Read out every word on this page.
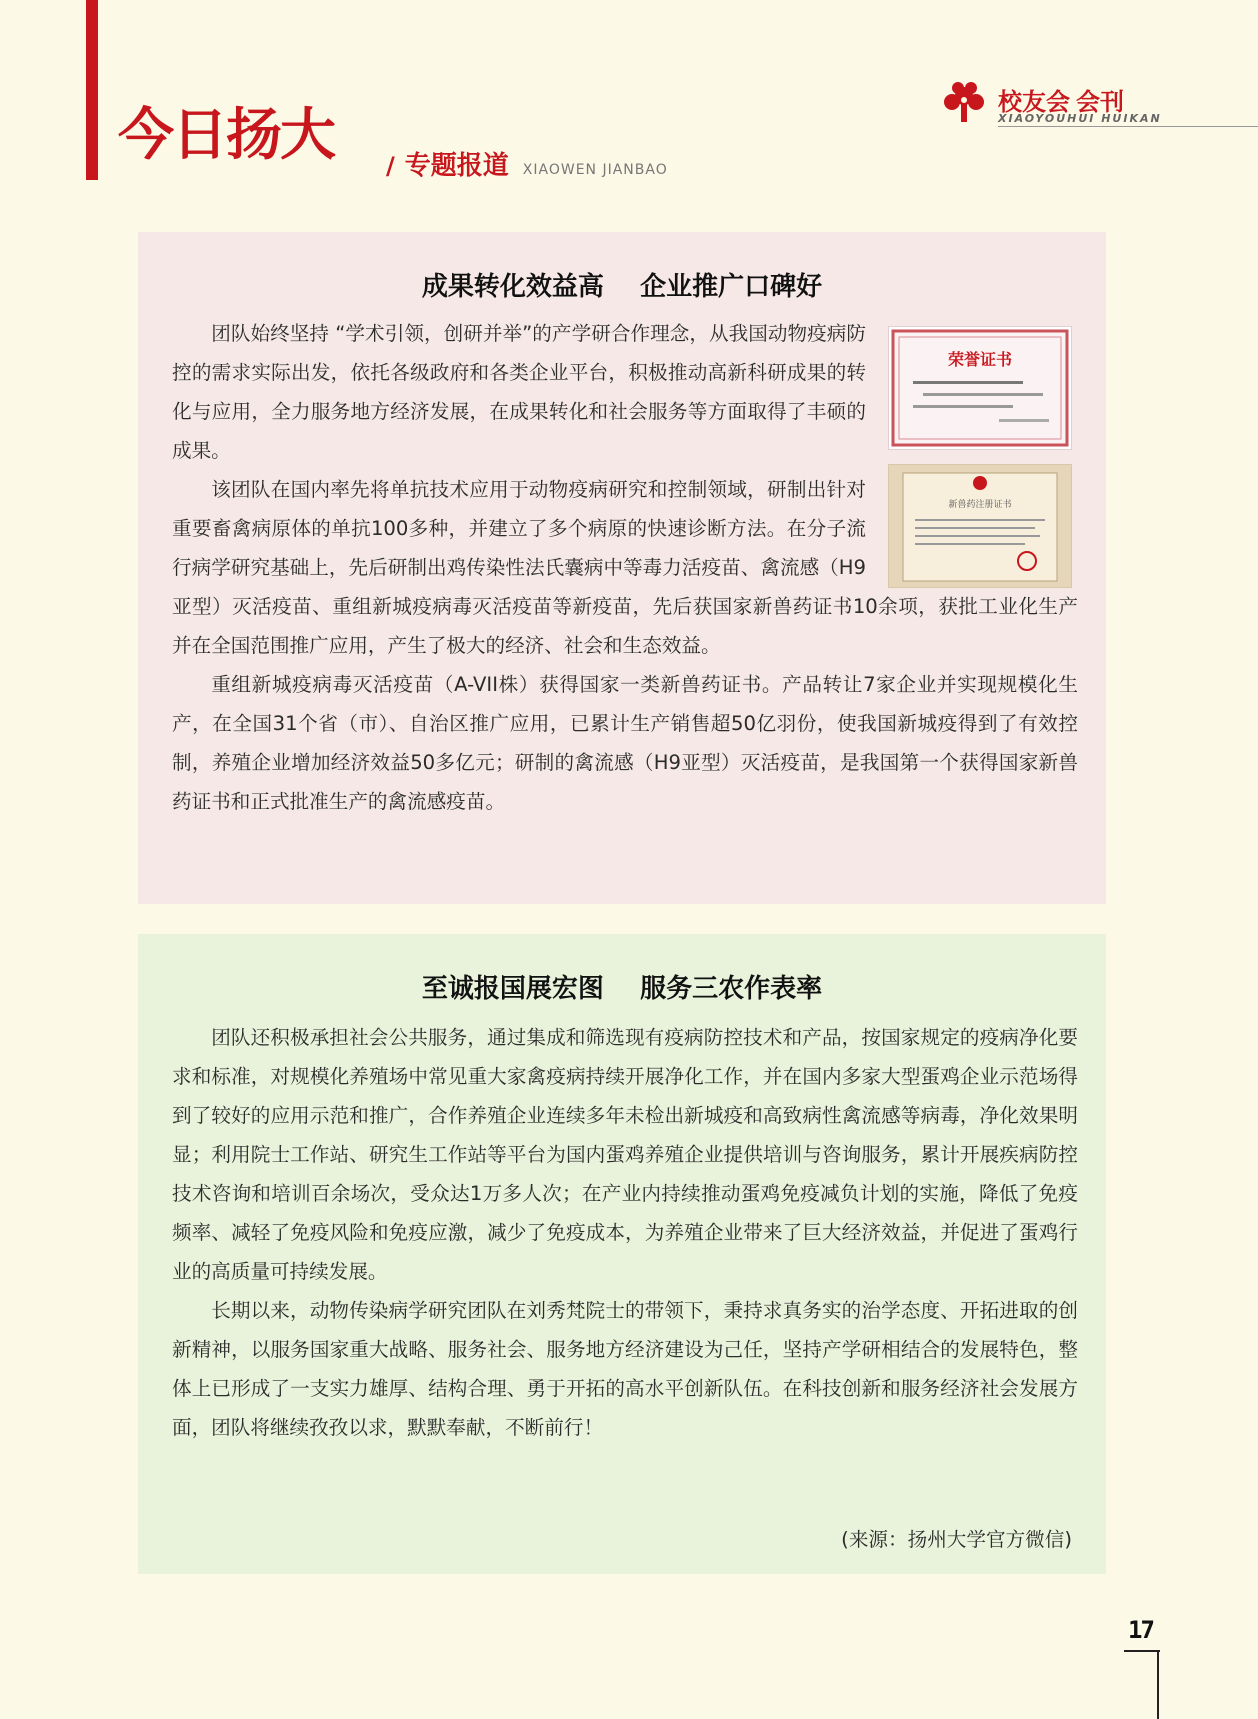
今日扬大 / 专题报道 XIAOWEN JIANBAO
校友会 会刊
XIAOYOUHUI HUIKAN
成果转化效益高    企业推广口碑好
荣誉证书
新兽药注册证书

团队始终坚持 “学术引领，创研并举”的产学研合作理念，从我国动物疫病防控的需求实际出发，依托各级政府和各类企业平台，积极推动高新科研成果的转化与应用，全力服务地方经济发展，在成果转化和社会服务等方面取得了丰硕的成果。

该团队在国内率先将单抗技术应用于动物疫病研究和控制领域，研制出针对重要畜禽病原体的单抗100多种，并建立了多个病原的快速诊断方法。在分子流行病学研究基础上，先后研制出鸡传染性法氏囊病中等毒力活疫苗、禽流感（H9亚型）灭活疫苗、重组新城疫病毒灭活疫苗等新疫苗，先后获国家新兽药证书10余项，获批工业化生产并在全国范围推广应用，产生了极大的经济、社会和生态效益。

重组新城疫病毒灭活疫苗（A-VII株）获得国家一类新兽药证书。产品转让7家企业并实现规模化生产，在全国31个省（市）、自治区推广应用，已累计生产销售超50亿羽份，使我国新城疫得到了有效控制，养殖企业增加经济效益50多亿元；研制的禽流感（H9亚型）灭活疫苗，是我国第一个获得国家新兽药证书和正式批准生产的禽流感疫苗。

至诚报国展宏图    服务三农作表率

团队还积极承担社会公共服务，通过集成和筛选现有疫病防控技术和产品，按国家规定的疫病净化要求和标准，对规模化养殖场中常见重大家禽疫病持续开展净化工作，并在国内多家大型蛋鸡企业示范场得到了较好的应用示范和推广，合作养殖企业连续多年未检出新城疫和高致病性禽流感等病毒，净化效果明显；利用院士工作站、研究生工作站等平台为国内蛋鸡养殖企业提供培训与咨询服务，累计开展疾病防控技术咨询和培训百余场次，受众达1万多人次；在产业内持续推动蛋鸡免疫减负计划的实施，降低了免疫频率、减轻了免疫风险和免疫应激，减少了免疫成本，为养殖企业带来了巨大经济效益，并促进了蛋鸡行业的高质量可持续发展。

长期以来，动物传染病学研究团队在刘秀梵院士的带领下，秉持求真务实的治学态度、开拓进取的创新精神，以服务国家重大战略、服务社会、服务地方经济建设为己任，坚持产学研相结合的发展特色，整体上已形成了一支实力雄厚、结构合理、勇于开拓的高水平创新队伍。在科技创新和服务经济社会发展方面，团队将继续孜孜以求，默默奉献，不断前行！

(来源：扬州大学官方微信)
17
